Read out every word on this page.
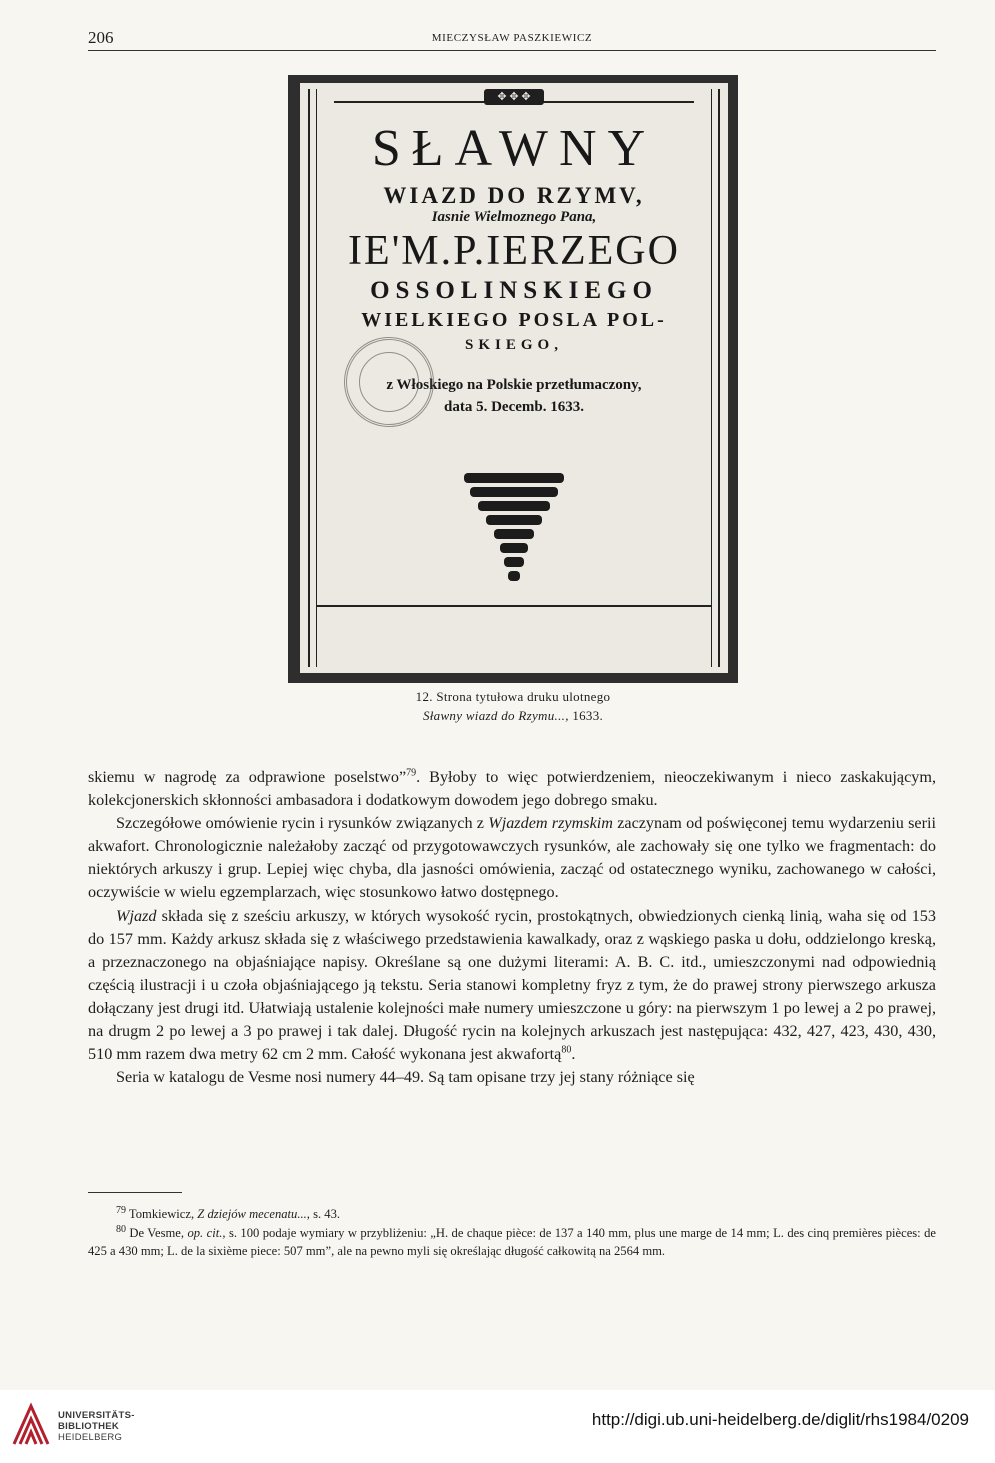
206	MIECZYSŁAW PASZKIEWICZ
✥ ✥ ✥
SŁAWNY
WIAZD DO RZYMV,
Iasnie Wielmoznego Pana,
IE'M.P.IERZEGO
OSSOLINSKIEGO
WIELKIEGO POSLA POL-
SKIEGO,
z Włoskiego na Polskie przetłumaczony,
data 5. Decemb. 1633.
12. Strona tytułowa druku ulotnego
Sławny wiazd do Rzymu..., 1633.

skiemu w nagrodę za odprawione poselstwo”$^{79}$. Byłoby to więc potwierdzeniem, nieoczekiwanym i nieco zaskakującym, kolekcjonerskich skłonności ambasadora i dodatkowym dowodem jego dobrego smaku.

Szczegółowe omówienie rycin i rysunków związanych z Wjazdem rzymskim zaczynam od poświęconej temu wydarzeniu serii akwafort. Chronologicznie należałoby zacząć od przygotowawczych rysunków, ale zachowały się one tylko we fragmentach: do niektórych arkuszy i grup. Lepiej więc chyba, dla jasności omówienia, zacząć od ostatecznego wyniku, zachowanego w całości, oczywiście w wielu egzemplarzach, więc stosunkowo łatwo dostępnego.

Wjazd składa się z sześciu arkuszy, w których wysokość rycin, prostokątnych, obwiedzionych cienką linią, waha się od 153 do 157 mm. Każdy arkusz składa się z właściwego przedstawienia kawalkady, oraz z wąskiego paska u dołu, oddzielongo kreską, a przeznaczonego na objaśniające napisy. Określane są one dużymi literami: A. B. C. itd., umieszczonymi nad odpowiednią częścią ilustracji i u czoła objaśniającego ją tekstu. Seria stanowi kompletny fryz z tym, że do prawej strony pierwszego arkusza dołączany jest drugi itd. Ułatwiają ustalenie kolejności małe numery umieszczone u góry: na pierwszym 1 po lewej a 2 po prawej, na drugm 2 po lewej a 3 po prawej i tak dalej. Długość rycin na kolejnych arkuszach jest następująca: 432, 427, 423, 430, 430, 510 mm razem dwa metry 62 cm 2 mm. Całość wykonana jest akwafortą$^{80}$.

Seria w katalogu de Vesme nosi numery 44–49. Są tam opisane trzy jej stany różniące się

$^{79}$ Tomkiewicz, Z dziejów mecenatu..., s. 43.

$^{80}$ De Vesme, op. cit., s. 100 podaje wymiary w przybliżeniu: „H. de chaque pièce: de 137 a 140 mm, plus une marge de 14 mm; L. des cinq premières pièces: de 425 a 430 mm; L. de la sixième piece: 507 mm”, ale na pewno myli się określając długość całkowitą na 2564 mm.

UNIVERSITÄTS-
BIBLIOTHEK
HEIDELBERG
http://digi.ub.uni-heidelberg.de/diglit/rhs1984/0209
